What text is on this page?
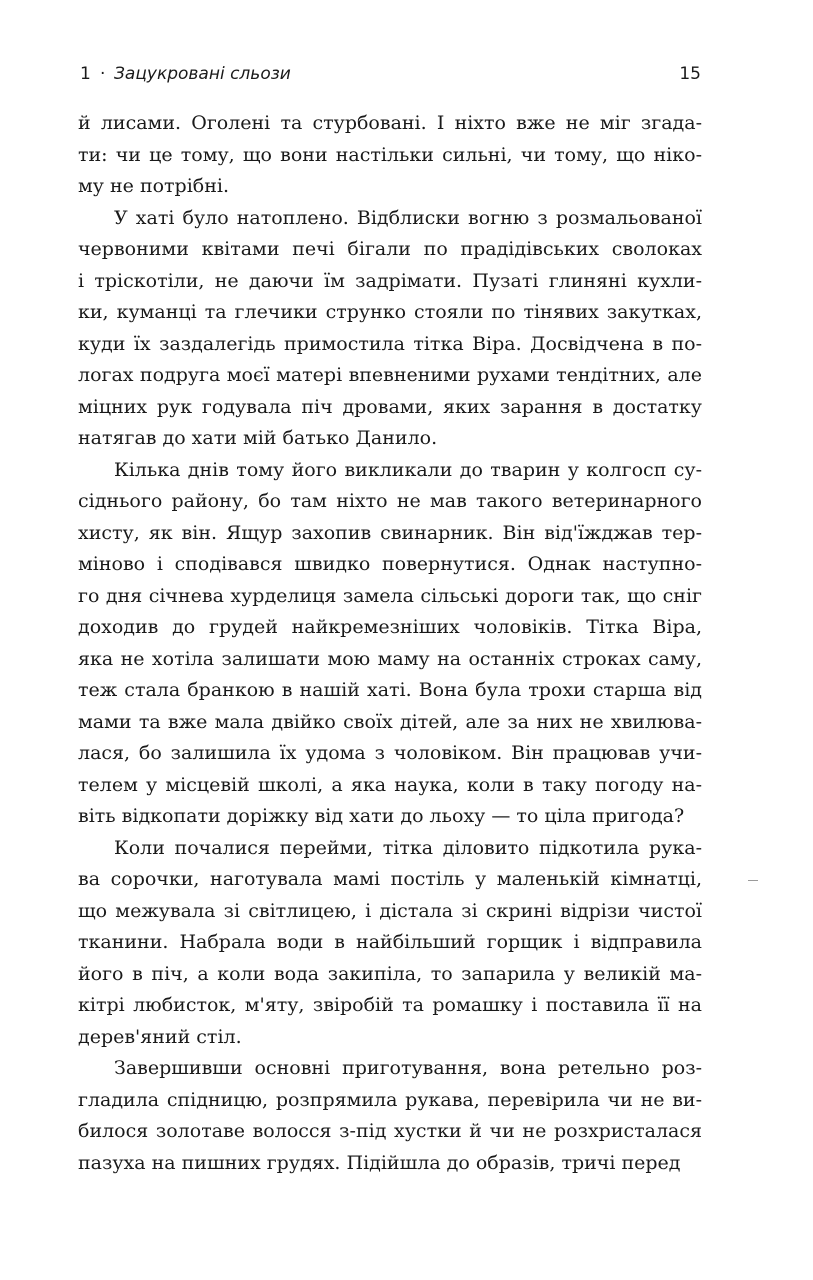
1 · Зацукровані сльози	15
й лисами. Оголені та стурбовані. І ніхто вже не міг згада-
ти: чи це тому, що вони настільки сильні, чи тому, що ніко-
му не потрібні.
У хаті було натоплено. Відблиски вогню з розмальованої
червоними квітами печі бігали по прадідівських сволоках
і тріскотіли, не даючи їм задрімати. Пузаті глиняні кухли-
ки, куманці та глечики струнко стояли по тінявих закутках,
куди їх заздалегідь примостила тітка Віра. Досвідчена в по-
логах подруга моєї матері впевненими рухами тендітних, але
міцних рук годувала піч дровами, яких зарання в достатку
натягав до хати мій батько Данило.
Кілька днів тому його викликали до тварин у колгосп су-
сіднього району, бо там ніхто не мав такого ветеринарного
хисту, як він. Ящур захопив свинарник. Він від'їжджав тер-
міново і сподівався швидко повернутися. Однак наступно-
го дня січнева хурделиця замела сільські дороги так, що сніг
доходив до грудей найкремезніших чоловіків. Тітка Віра,
яка не хотіла залишати мою маму на останніх строках саму,
теж стала бранкою в нашій хаті. Вона була трохи старша від
мами та вже мала двійко своїх дітей, але за них не хвилюва-
лася, бо залишила їх удома з чоловіком. Він працював учи-
телем у місцевій школі, а яка наука, коли в таку погоду на-
віть відкопати доріжку від хати до льоху — то ціла пригода?
Коли почалися перейми, тітка діловито підкотила рука-
ва сорочки, наготувала мамі постіль у маленькій кімнатці,
що межувала зі світлицею, і дістала зі скрині відрізи чистої
тканини. Набрала води в найбільший горщик і відправила
його в піч, а коли вода закипіла, то запарила у великій ма-
кітрі любисток, м'яту, звіробій та ромашку і поставила її на
дерев'яний стіл.
Завершивши основні приготування, вона ретельно роз-
гладила спідницю, розпрямила рукава, перевірила чи не ви-
билося золотаве волосся з-під хустки й чи не розхристалася
пазуха на пишних грудях. Підійшла до образів, тричі перед
